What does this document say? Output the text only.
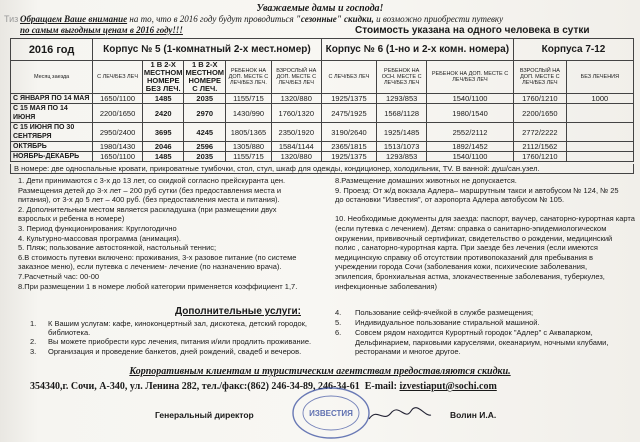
Тиз
Уважаемые дамы и господа!
Обращаем Ваше внимание на то, что в 2016 году будут проводиться "сезонные" скидки, и возможно приобрести путевку
по самым выгодным ценам в 2016 году!!!	Стоимость указана на одного человека в сутки
2016 год	Корпус № 5 (1-комнатный 2-х мест.номер)					Корпус № 6 (1-но и 2-х комн. номера)			Корпуса 7-12	
Месяц заезда	С ЛЕЧ/БЕЗ ЛЕЧ	1 В 2-Х МЕСТНОМ НОМЕРЕ БЕЗ ЛЕЧ.	1 В 2-Х МЕСТНОМ НОМЕРЕ С ЛЕЧ.	РЕБЕНОК НА ДОП. МЕСТЕ С ЛЕЧ/БЕЗ ЛЕЧ.	ВЗРОСЛЫЙ НА ДОП. МЕСТЕ С ЛЕЧ/БЕЗ ЛЕЧ	С ЛЕЧ/БЕЗ ЛЕЧ	РЕБЕНОК НА ОСН. МЕСТЕ С ЛЕЧ/БЕЗ ЛЕЧ	РЕБЕНОК НА ДОП. МЕСТЕ С ЛЕЧ/БЕЗ ЛЕЧ	ВЗРОСЛЫЙ НА ДОП. МЕСТЕ С ЛЕЧ/БЕЗ ЛЕЧ	БЕЗ ЛЕЧЕНИЯ
С ЯНВАРЯ ПО 14 МАЯ	1650/1100	1485	2035	1155/715	1320/880	1925/1375	1293/853	1540/1100	1760/1210	1000
С 15 МАЯ ПО 14 ИЮНЯ	2200/1650	2420	2970	1430/990	1760/1320	2475/1925	1568/1128	1980/1540	2200/1650	
С 15 ИЮНЯ ПО 30 СЕНТЯБРЯ	2950/2400	3695	4245	1805/1365	2350/1920	3190/2640	1925/1485	2552/2112	2772/2222	
ОКТЯБРЬ	1980/1430	2046	2596	1305/880	1584/1144	2365/1815	1513/1073	1892/1452	2112/1562	
НОЯБРЬ-ДЕКАБРЬ	1650/1100	1485	2035	1155/715	1320/880	1925/1375	1293/853	1540/1100	1760/1210	
В номере: две односпальные кровати, прикроватные тумбочки, стол, стул, шкаф для одежды, кондиционер, холодильник, TV. В ванной: душ/сан.узел.
1. Дети принимаются с 3-х до 13 лет, со скидкой согласно прейскуранта цен.
Размещения детей до 3-х лет – 200 руб сутки (без предоставления места и
питания), от 3-х до 5 лет – 400 руб. (без предоставления места и питания).
2. Дополнительным местом является раскладушка (при размещении двух
взрослых и ребенка в номере)
3. Период функционирования: Круглогодично
4. Культурно-массовая программа (анимация).
5. Пляж; пользование автостоянкой, настольный теннис;
6.В стоимость путевки включено: проживания, 3-х разовое питание (по системе
заказное меню), если путевка с лечением- лечение (по назначению врача).
7.Расчетный час: 00-00
8.При размещении 1 в номере любой категории применяется коэффициент 1,7.
8.Размещение домашних животных не допускается.
9. Проезд: От ж/д вокзала Адлера– маршрутным такси и автобусом № 124, № 25
до остановки "Известия", от аэропорта Адлера автобусом № 105.
10. Необходимые документы для заезда: паспорт, ваучер, санаторно-курортная карта
(если путевка с лечением). Детям: справка о санитарно-эпидемиологическом
окружении, прививочный сертификат, свидетельство о рождении, медицинский
полис , санаторно-курортная карта. При заезде без лечения (если имеются
медицинскую справку об отсутствии противопоказаний для пребывания в
учреждении города Сочи (заболевания кожи, психические заболевания,
эпилепсия, бронхиальная астма, злокачественные заболевания, туберкулез,
инфекционные заболевания)
Дополнительные услуги:
1.	К Вашим услугам: кафе, киноконцертный зал, дискотека, детский городок, библиотека.
2.	Вы можете приобрести курс лечения, питания и/или продлить проживание.
3.	Организация и проведение банкетов, дней рождений, свадеб и вечеров.
4.	Пользование сейф-ячейкой в службе размещения;
5.	Индивидуальное пользование стиральной машиной.
6.	Совсем рядом находится Курортный городок "Адлер" с Аквапарком, Дельфинарием, парковыми каруселями, океанариум, ночными клубами, ресторанами и многое другое.
Корпоративным клиентам и туристическим агентствам предоставляются скидки.
354340,г. Сочи, А-340, ул. Ленина 282, тел./факс:(862) 246-34-89, 246-34-61 E-mail: izvestiaput@sochi.com
ИЗВЕСТИЯ
Генеральный директор	Волин И.А.
